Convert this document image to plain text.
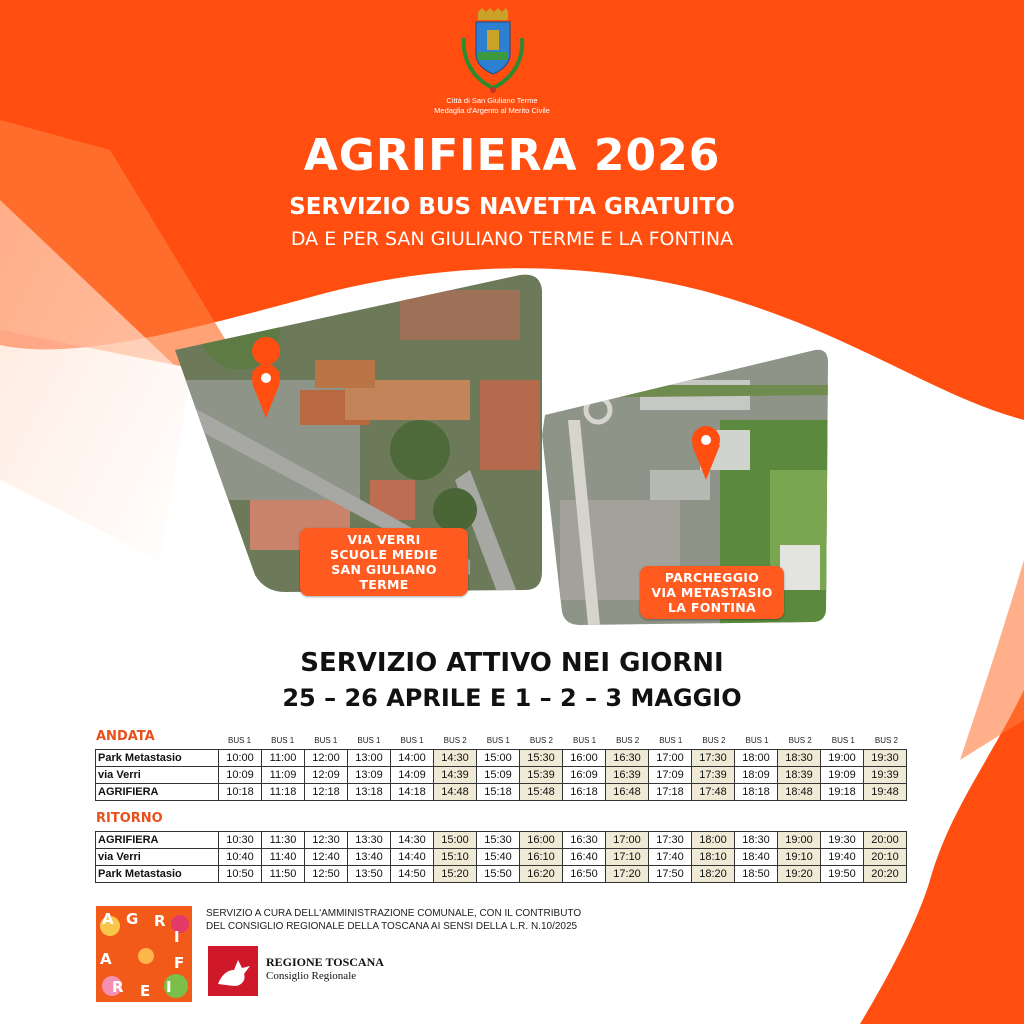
Città di San Giuliano Terme
Medaglia d'Argento al Merito Civile
AGRIFIERA 2026
SERVIZIO BUS NAVETTA GRATUITO
DA E PER SAN GIULIANO TERME E LA FONTINA
VIA VERRI
SCUOLE MEDIE
SAN GIULIANO TERME	PARCHEGGIO
VIA METASTASIO
LA FONTINA
SERVIZIO ATTIVO NEI GIORNI
25 – 26 APRILE E 1 – 2 – 3 MAGGIO
ANDATA	BUS 1	BUS 1	BUS 1	BUS 1	BUS 1	BUS 2	BUS 1	BUS 2	BUS 1	BUS 2	BUS 1	BUS 2	BUS 1	BUS 2	BUS 1	BUS 2
Park Metastasio	10:00	11:00	12:00	13:00	14:00	14:30	15:00	15:30	16:00	16:30	17:00	17:30	18:00	18:30	19:00	19:30
via Verri	10:09	11:09	12:09	13:09	14:09	14:39	15:09	15:39	16:09	16:39	17:09	17:39	18:09	18:39	19:09	19:39
AGRIFIERA	10:18	11:18	12:18	13:18	14:18	14:48	15:18	15:48	16:18	16:48	17:18	17:48	18:18	18:48	19:18	19:48
RITORNO
AGRIFIERA	10:30	11:30	12:30	13:30	14:30	15:00	15:30	16:00	16:30	17:00	17:30	18:00	18:30	19:00	19:30	20:00
via Verri	10:40	11:40	12:40	13:40	14:40	15:10	15:40	16:10	16:40	17:10	17:40	18:10	18:40	19:10	19:40	20:10
Park Metastasio	10:50	11:50	12:50	13:50	14:50	15:20	15:50	16:20	16:50	17:20	17:50	18:20	18:50	19:20	19:50	20:20
A G R
I
F
I
E
R
A
SERVIZIO A CURA DELL'AMMINISTRAZIONE COMUNALE, CON IL CONTRIBUTO
DEL CONSIGLIO REGIONALE DELLA TOSCANA AI SENSI DELLA L.R. N.10/2025
REGIONE TOSCANA
Consiglio Regionale
